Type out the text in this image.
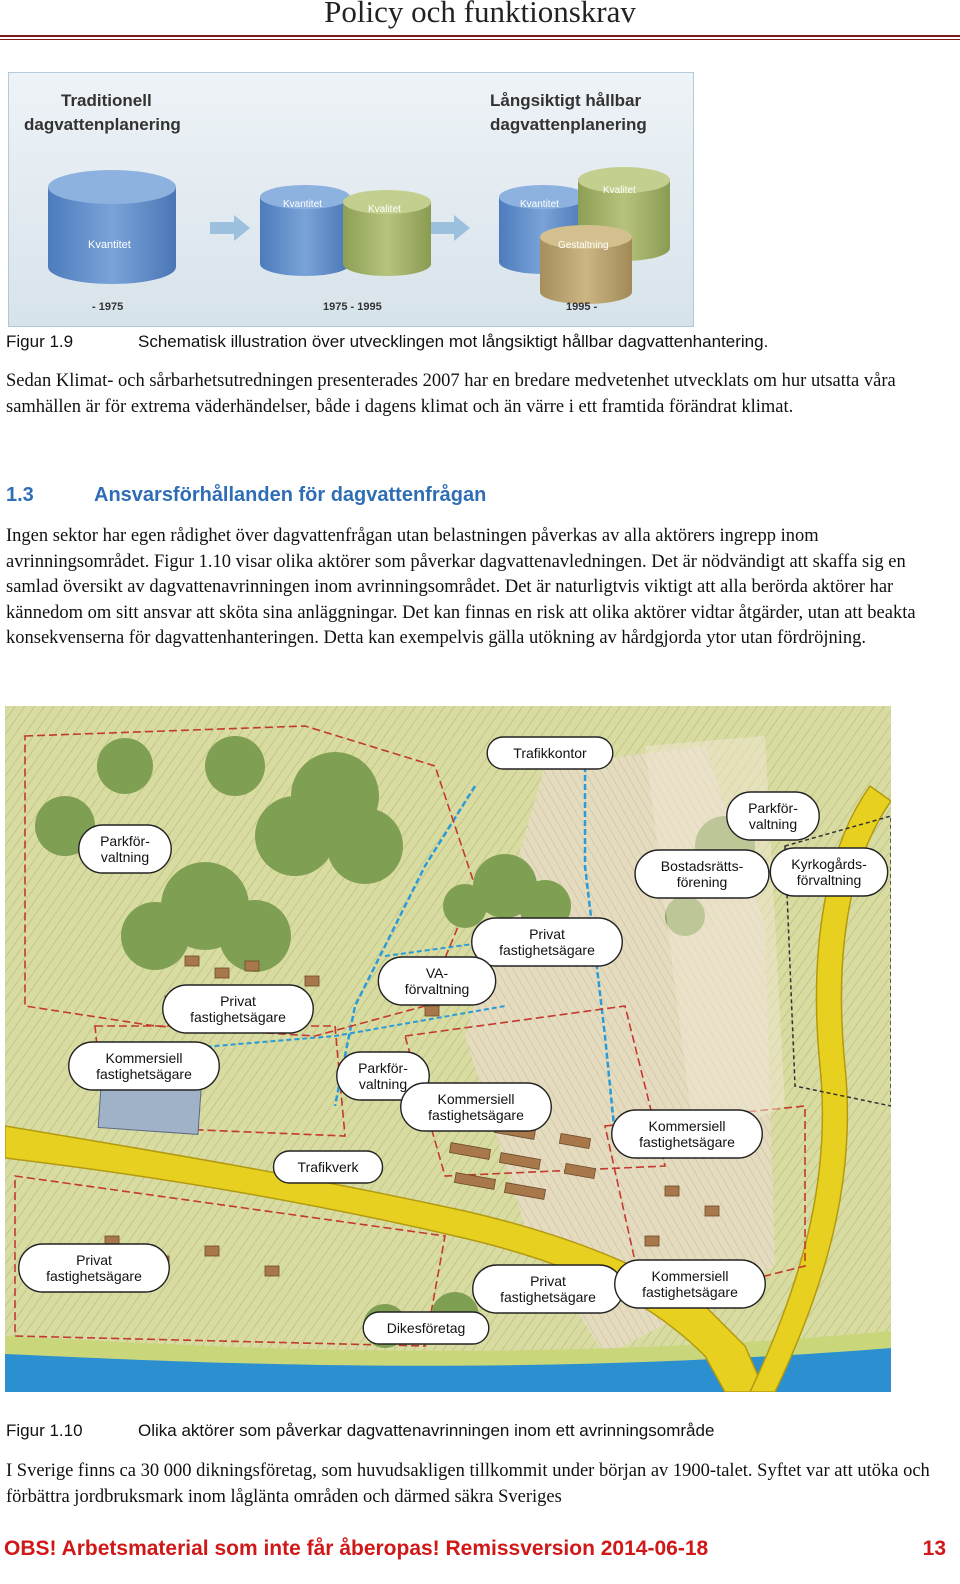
Policy och funktionskrav
Traditionell
dagvattenplanering
Långsiktigt hållbar
dagvattenplanering
Kvantitet
Kvantitet	Kvalitet	Kvantitet
Kvalitet
Gestaltning
- 1975	1975 - 1995	1995 -
Figur 1.9	Schematisk illustration över utvecklingen mot långsiktigt hållbar dagvattenhantering.

Sedan Klimat- och sårbarhetsutredningen presenterades 2007 har en bredare medvetenhet utvecklats om hur utsatta våra samhällen är för extrema väderhändelser, både i dagens klimat och än värre i ett framtida förändrat klimat.

1.3	Ansvarsförhållanden för dagvattenfrågan

Ingen sektor har egen rådighet över dagvattenfrågan utan belastningen påverkas av alla aktörers ingrepp inom avrinningsområdet. Figur 1.10 visar olika aktörer som påverkar dagvattenavledningen. Det är nödvändigt att skaffa sig en samlad översikt av dagvattenavrinningen inom avrinningsområdet. Det är naturligtvis viktigt att alla berörda aktörer har kännedom om sitt ansvar att sköta sina anläggningar. Det kan finnas en risk att olika aktörer vidtar åtgärder, utan att beakta konsekvenserna för dagvattenhanteringen. Detta kan exempelvis gälla utökning av hårdgjorda ytor utan fördröjning.

Trafikkontor
Parkför-
valtning
Parkför-
valtning
Bostadsrätts-
förening
Kyrkogårds-
förvaltning
Privat
fastighetsägare
VA-
förvaltning
Privat
fastighetsägare
Kommersiell
fastighetsägare	Parkför-
valtning
Kommersiell
fastighetsägare
Kommersiell
fastighetsägare
Trafikverk
Privat
fastighetsägare	Privat
fastighetsägare
Kommersiell
fastighetsägare
Dikesföretag
Figur 1.10	Olika aktörer som påverkar dagvattenavrinningen inom ett avrinningsområde

I Sverige finns ca 30 000 dikningsföretag, som huvudsakligen tillkommit under början av 1900-talet. Syftet var att utöka och förbättra jordbruksmark inom låglänta områden och därmed säkra Sveriges

OBS! Arbetsmaterial som inte får åberopas! Remissversion 2014-06-18	13
